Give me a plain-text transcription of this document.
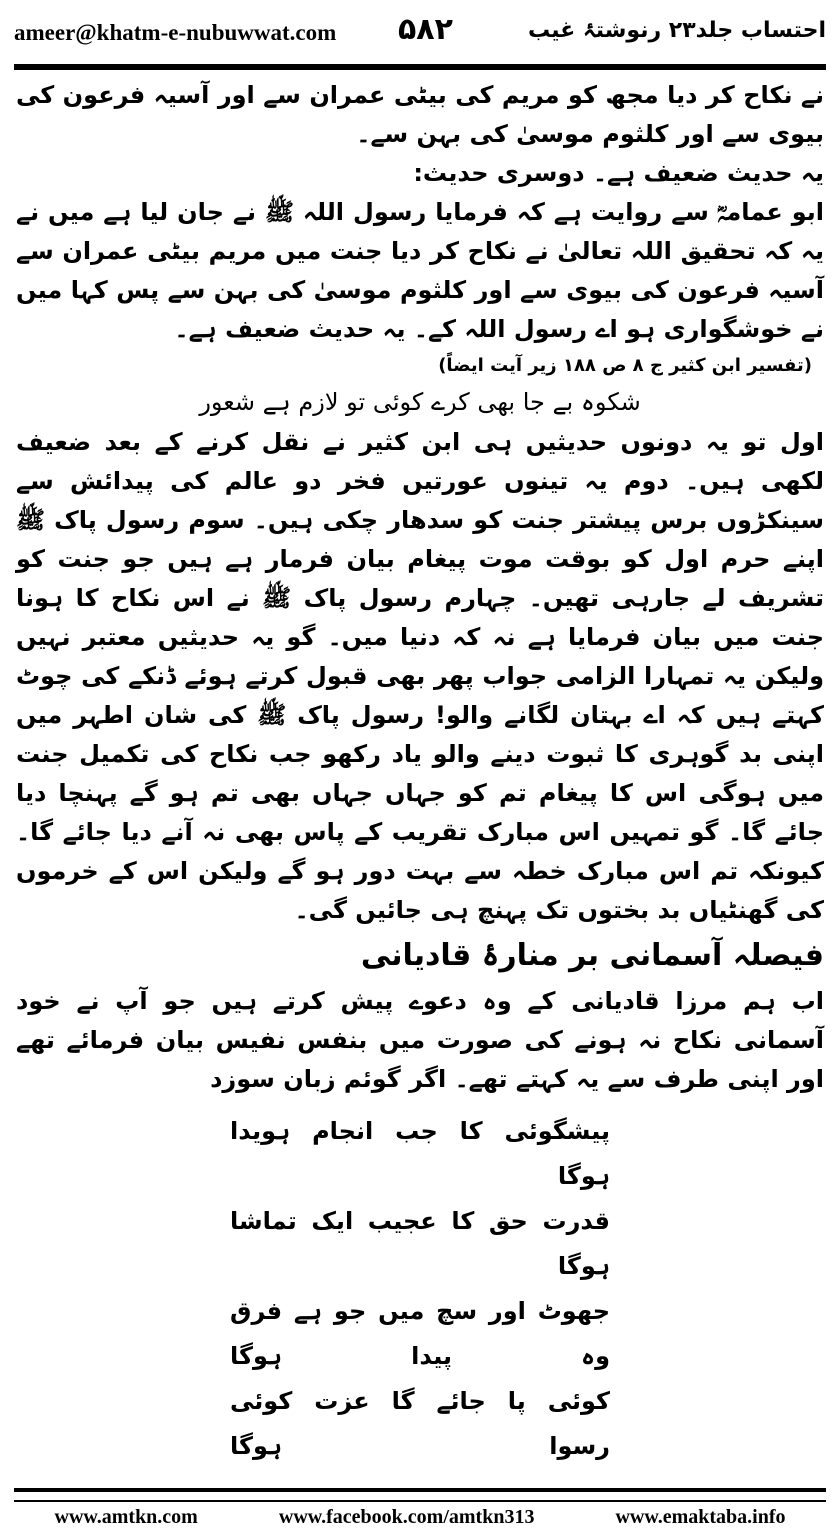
ameer@khatm-e-nubuwwat.com ۵۸۲	احتساب جلد۲۳ رنوشتۂ غیب

نے نکاح کر دیا مجھ کو مریم کی بیٹی عمران سے اور آسیہ فرعون کی بیوی سے اور کلثوم موسیٰ کی بہن سے۔

یہ حدیث ضعیف ہے۔ دوسری حدیث:

ابو عمامہؓ سے روایت ہے کہ فرمایا رسول اللہ ﷺ نے جان لیا ہے میں نے یہ کہ تحقیق اللہ تعالیٰ نے نکاح کر دیا جنت میں مریم بیٹی عمران سے آسیہ فرعون کی بیوی سے اور کلثوم موسیٰ کی بہن سے پس کہا میں نے خوشگواری ہو اے رسول اللہ کے۔ یہ حدیث ضعیف ہے۔

(تفسیر ابن کثیر ج ۸ ص ۱۸۸ زیر آیت ایضاً)

شکوہ بے جا بھی کرے کوئی تو لازم ہے شعور

اول تو یہ دونوں حدیثیں ہی ابن کثیر نے نقل کرنے کے بعد ضعیف لکھی ہیں۔ دوم یہ تینوں عورتیں فخر دو عالم کی پیدائش سے سینکڑوں برس پیشتر جنت کو سدھار چکی ہیں۔ سوم رسول پاک ﷺ اپنے حرم اول کو بوقت موت پیغام بیان فرمار ہے ہیں جو جنت کو تشریف لے جارہی تھیں۔ چہارم رسول پاک ﷺ نے اس نکاح کا ہونا جنت میں بیان فرمایا ہے نہ کہ دنیا میں۔ گو یہ حدیثیں معتبر نہیں ولیکن یہ تمہارا الزامی جواب پھر بھی قبول کرتے ہوئے ڈنکے کی چوٹ کہتے ہیں کہ اے بہتان لگانے والو! رسول پاک ﷺ کی شان اطہر میں اپنی بد گوہری کا ثبوت دینے والو یاد رکھو جب نکاح کی تکمیل جنت میں ہوگی اس کا پیغام تم کو جہاں جہاں بھی تم ہو گے پہنچا دیا جائے گا۔ گو تمہیں اس مبارک تقریب کے پاس بھی نہ آنے دیا جائے گا۔ کیونکہ تم اس مبارک خطہ سے بہت دور ہو گے ولیکن اس کے خرموں کی گھنٹیاں بد بختوں تک پہنچ ہی جائیں گی۔

فیصلہ آسمانی بر منارۂ قادیانی

اب ہم مرزا قادیانی کے وہ دعوے پیش کرتے ہیں جو آپ نے خود آسمانی نکاح نہ ہونے کی صورت میں بنفس نفیس بیان فرمائے تھے اور اپنی طرف سے یہ کہتے تھے۔ اگر گوئم زبان سوزد

پیشگوئی کا جب انجام ہویدا ہوگا
قدرت حق کا عجیب ایک تماشا ہوگا
جھوٹ اور سچ میں جو ہے فرق وہ پیدا ہوگا
کوئی پا جائے گا عزت کوئی رسوا ہوگا
www.amtkn.com	www.facebook.com/amtkn313	www.emaktaba.info
